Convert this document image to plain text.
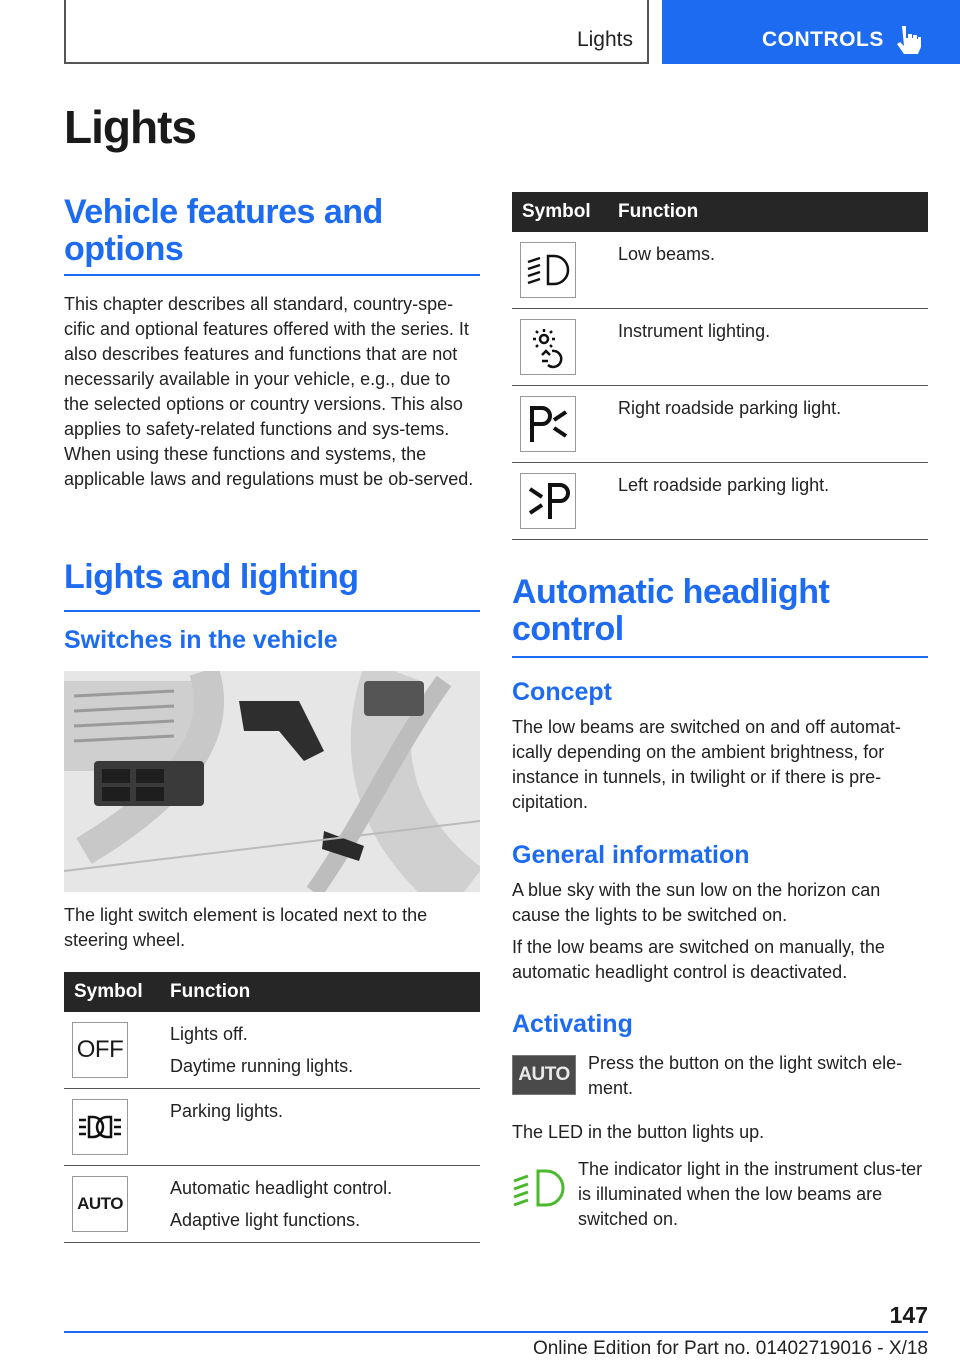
Lights	CONTROLS
Lights
Vehicle features and options

This chapter describes all standard, country-spe-cific and optional features offered with the series. It also describes features and functions that are not necessarily available in your vehicle, e.g., due to the selected options or country versions. This also applies to safety-related functions and sys-tems. When using these functions and systems, the applicable laws and regulations must be ob-served.

Lights and lighting
Switches in the vehicle

The light switch element is located next to the steering wheel.

Symbol	Function

OFF	Lights off.
Daytime running lights.

Parking lights.

AUTO	Automatic headlight control.
Adaptive light functions.
Symbol	Function

Low beams.

Instrument lighting.

Right roadside parking light.

Left roadside parking light.
Automatic headlight control
Concept

The low beams are switched on and off automat-ically depending on the ambient brightness, for instance in tunnels, in twilight or if there is pre-cipitation.

General information

A blue sky with the sun low on the horizon can cause the lights to be switched on.

If the low beams are switched on manually, the automatic headlight control is deactivated.

Activating
AUTO

Press the button on the light switch ele-ment.

The LED in the button lights up.

The indicator light in the instrument clus-ter is illuminated when the low beams are switched on.

147
Online Edition for Part no. 01402719016 - X/18
